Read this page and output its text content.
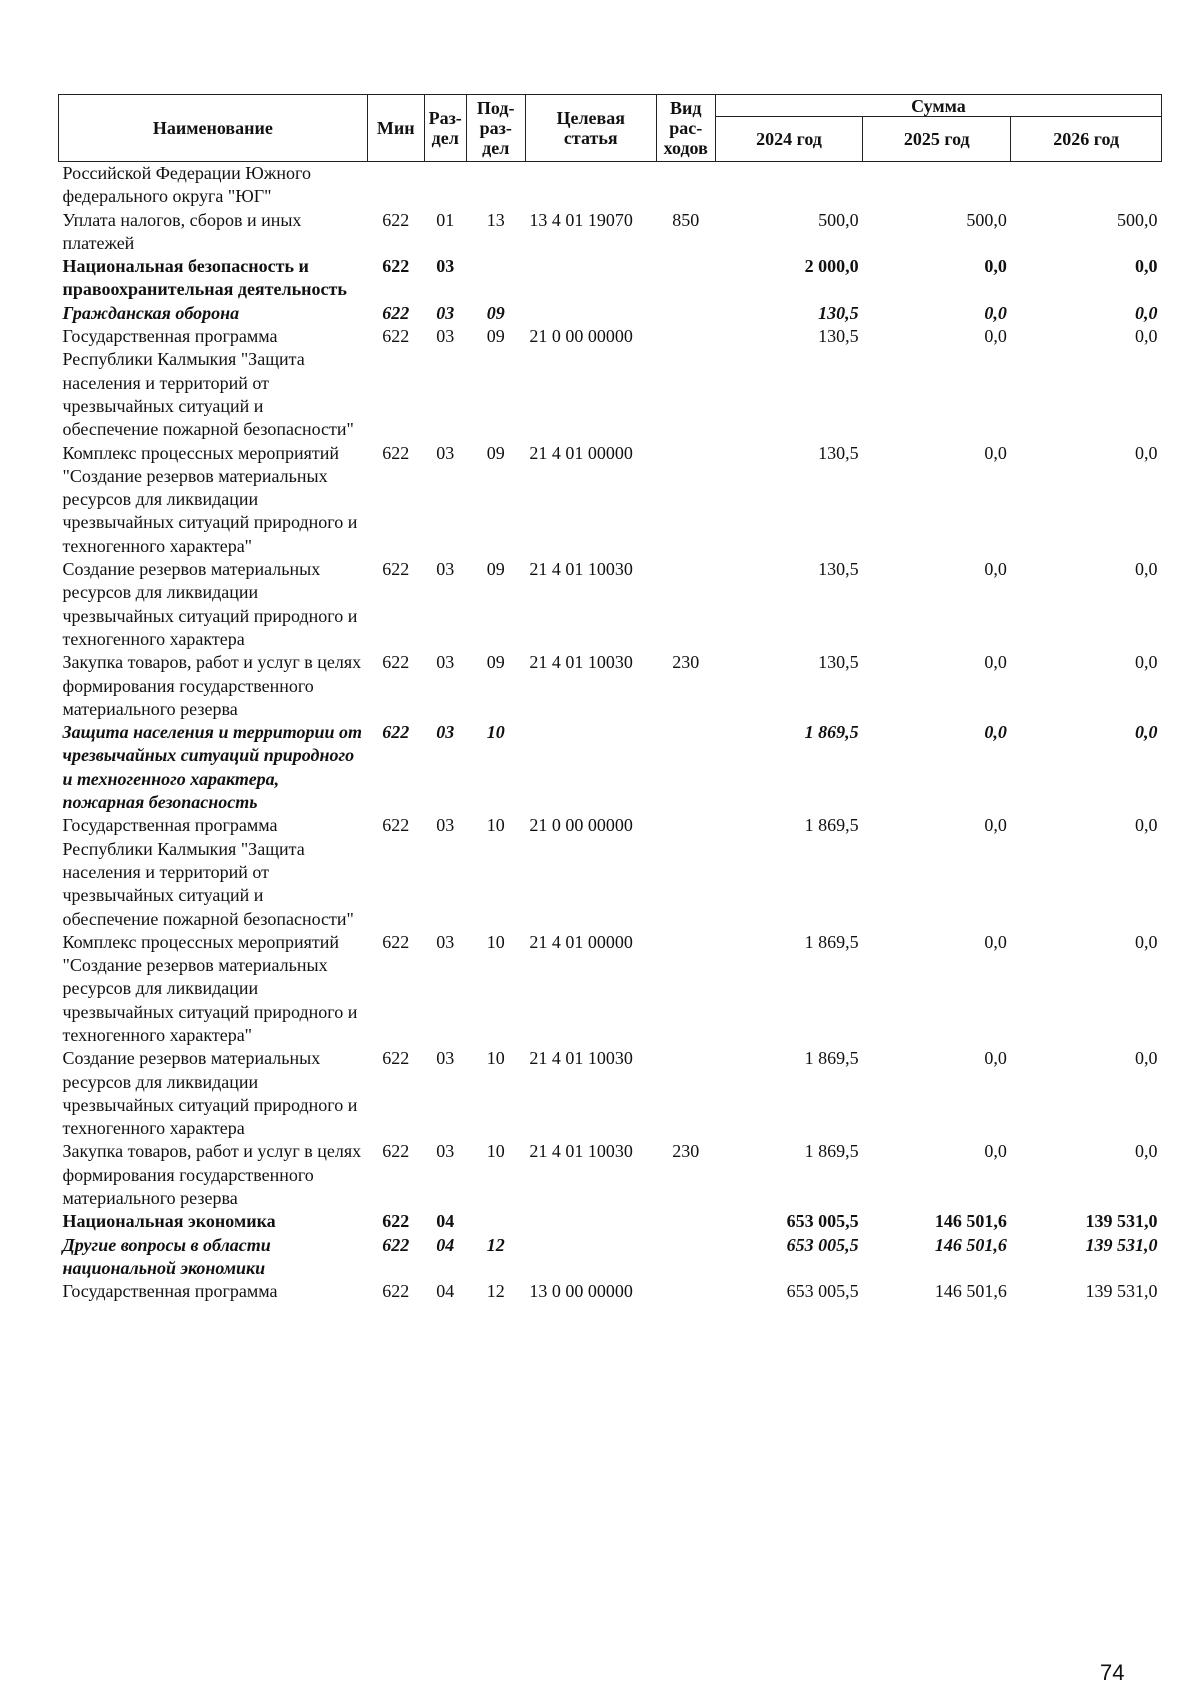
Наименование	Мин	Раз-дел	Под-раз-дел	Целевая статья	Вид рас-ходов	Сумма		
						2024 год	2025 год	2026 год
Российской Федерации Южного федерального округа "ЮГ"								
Уплата налогов, сборов и иных платежей	622	01	13	13 4 01 19070	850	500,0	500,0	500,0
Национальная безопасность и правоохранительная деятельность	622	03				2 000,0	0,0	0,0
Гражданская оборона	622	03	09			130,5	0,0	0,0
Государственная программа Республики Калмыкия "Защита населения и территорий от чрезвычайных ситуаций и обеспечение пожарной безопасности"	622	03	09	21 0 00 00000		130,5	0,0	0,0
Комплекс процессных мероприятий "Создание резервов материальных ресурсов для ликвидации чрезвычайных ситуаций природного и техногенного характера"	622	03	09	21 4 01 00000		130,5	0,0	0,0
Создание резервов материальных ресурсов для ликвидации чрезвычайных ситуаций природного и техногенного характера	622	03	09	21 4 01 10030		130,5	0,0	0,0
Закупка товаров, работ и услуг в целях формирования государственного материального резерва	622	03	09	21 4 01 10030	230	130,5	0,0	0,0
Защита населения и территории от чрезвычайных ситуаций природного и техногенного характера, пожарная безопасность	622	03	10			1 869,5	0,0	0,0
Государственная программа Республики Калмыкия "Защита населения и территорий от чрезвычайных ситуаций и обеспечение пожарной безопасности"	622	03	10	21 0 00 00000		1 869,5	0,0	0,0
Комплекс процессных мероприятий "Создание резервов материальных ресурсов для ликвидации чрезвычайных ситуаций природного и техногенного характера"	622	03	10	21 4 01 00000		1 869,5	0,0	0,0
Создание резервов материальных ресурсов для ликвидации чрезвычайных ситуаций природного и техногенного характера	622	03	10	21 4 01 10030		1 869,5	0,0	0,0
Закупка товаров, работ и услуг в целях формирования государственного материального резерва	622	03	10	21 4 01 10030	230	1 869,5	0,0	0,0
Национальная экономика	622	04				653 005,5	146 501,6	139 531,0
Другие вопросы в области национальной экономики	622	04	12			653 005,5	146 501,6	139 531,0
Государственная программа	622	04	12	13 0 00 00000		653 005,5	146 501,6	139 531,0
74
